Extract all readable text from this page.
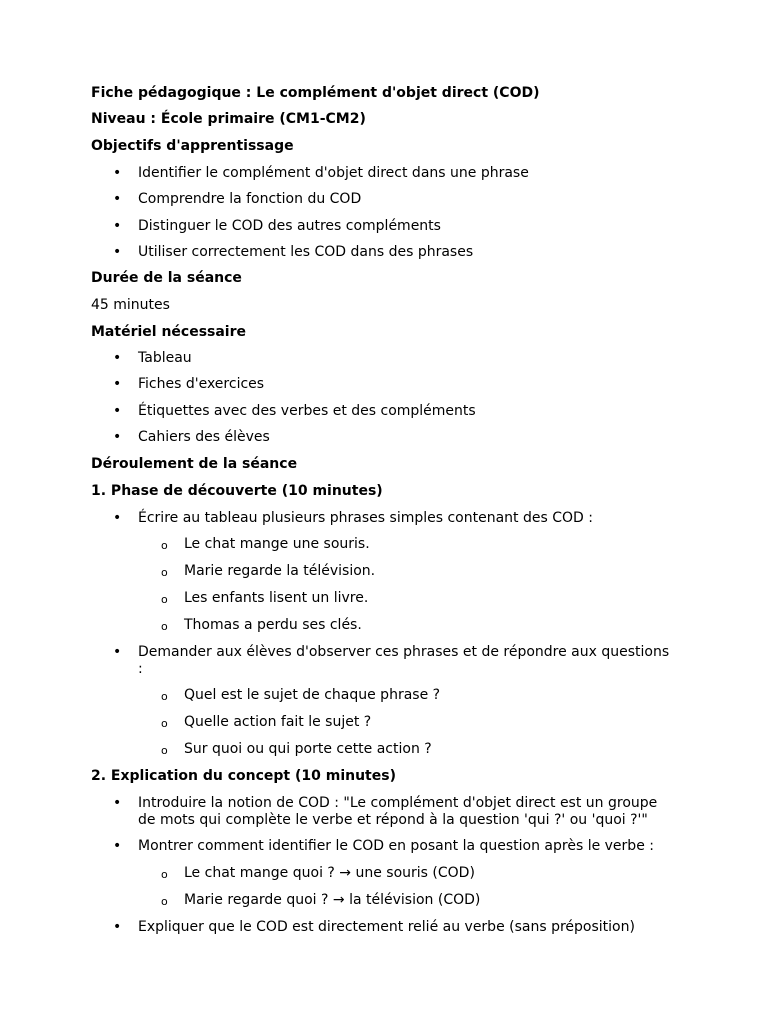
Fiche pédagogique : Le complément d'objet direct (COD)
Niveau : École primaire (CM1-CM2)
Objectifs d'apprentissage
• Identifier le complément d'objet direct dans une phrase
• Comprendre la fonction du COD
• Distinguer le COD des autres compléments
• Utiliser correctement les COD dans des phrases
Durée de la séance
45 minutes
Matériel nécessaire
• Tableau
• Fiches d'exercices
• Étiquettes avec des verbes et des compléments
• Cahiers des élèves
Déroulement de la séance
1. Phase de découverte (10 minutes)
• Écrire au tableau plusieurs phrases simples contenant des COD :
o Le chat mange une souris.
o Marie regarde la télévision.
o Les enfants lisent un livre.
o Thomas a perdu ses clés.
• Demander aux élèves d'observer ces phrases et de répondre aux questions
:
o Quel est le sujet de chaque phrase ?
o Quelle action fait le sujet ?
o Sur quoi ou qui porte cette action ?
2. Explication du concept (10 minutes)
• Introduire la notion de COD : "Le complément d'objet direct est un groupe
de mots qui complète le verbe et répond à la question 'qui ?' ou 'quoi ?'"
• Montrer comment identifier le COD en posant la question après le verbe :
o Le chat mange quoi ? → une souris (COD)
o Marie regarde quoi ? → la télévision (COD)
• Expliquer que le COD est directement relié au verbe (sans préposition)
